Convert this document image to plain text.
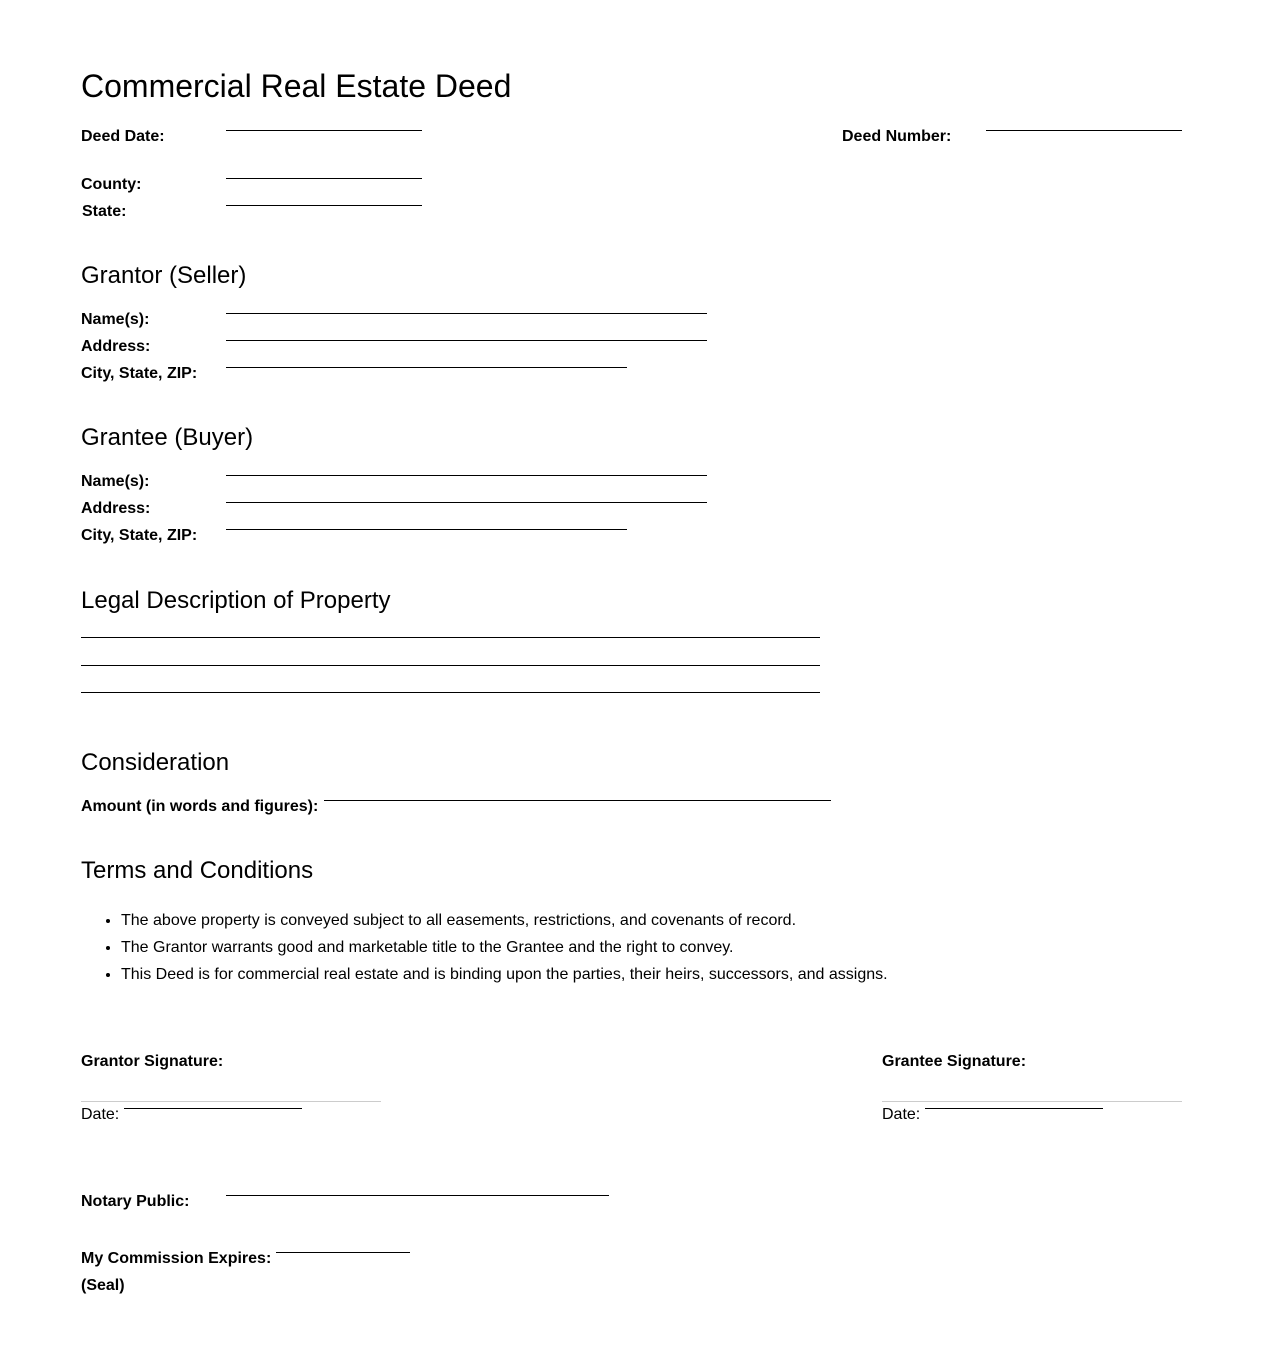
Commercial Real Estate Deed
Deed Date:	Deed Number:
County:
State:
Grantor (Seller)
Name(s):
Address:
City, State, ZIP:
Grantee (Buyer)
Name(s):
Address:
City, State, ZIP:
Legal Description of Property
Consideration
Amount (in words and figures):
Terms and Conditions
• The above property is conveyed subject to all easements, restrictions, and covenants of record.
• The Grantor warrants good and marketable title to the Grantee and the right to convey.
• This Deed is for commercial real estate and is binding upon the parties, their heirs, successors, and assigns.
Grantor Signature:
Date:
Grantee Signature:
Date:
Notary Public:
My Commission Expires:
(Seal)
